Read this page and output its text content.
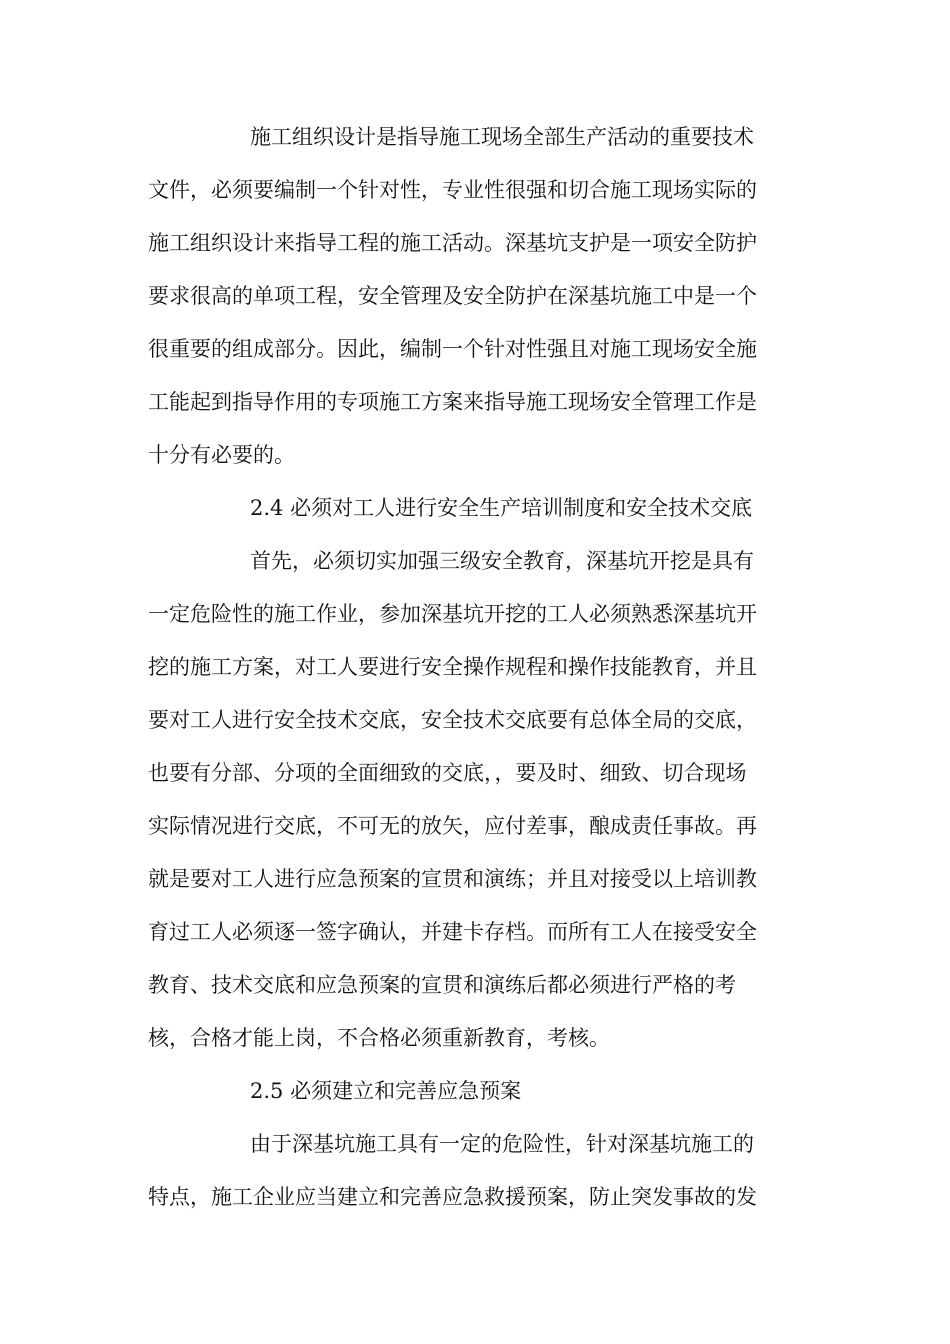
施工组织设计是指导施工现场全部生产活动的重要技术
文件，必须要编制一个针对性，专业性很强和切合施工现场实际的
施工组织设计来指导工程的施工活动。深基坑支护是一项安全防护
要求很高的单项工程，安全管理及安全防护在深基坑施工中是一个
很重要的组成部分。因此，编制一个针对性强且对施工现场安全施
工能起到指导作用的专项施工方案来指导施工现场安全管理工作是
十分有必要的。
2.4 必须对工人进行安全生产培训制度和安全技术交底
首先，必须切实加强三级安全教育，深基坑开挖是具有
一定危险性的施工作业，参加深基坑开挖的工人必须熟悉深基坑开
挖的施工方案，对工人要进行安全操作规程和操作技能教育，并且
要对工人进行安全技术交底，安全技术交底要有总体全局的交底，
也要有分部、分项的全面细致的交底，，要及时、细致、切合现场
实际情况进行交底，不可无的放矢，应付差事，酿成责任事故。再
就是要对工人进行应急预案的宣贯和演练；并且对接受以上培训教
育过工人必须逐一签字确认，并建卡存档。而所有工人在接受安全
教育、技术交底和应急预案的宣贯和演练后都必须进行严格的考
核，合格才能上岗，不合格必须重新教育，考核。
2.5 必须建立和完善应急预案
由于深基坑施工具有一定的危险性，针对深基坑施工的
特点，施工企业应当建立和完善应急救援预案，防止突发事故的发
